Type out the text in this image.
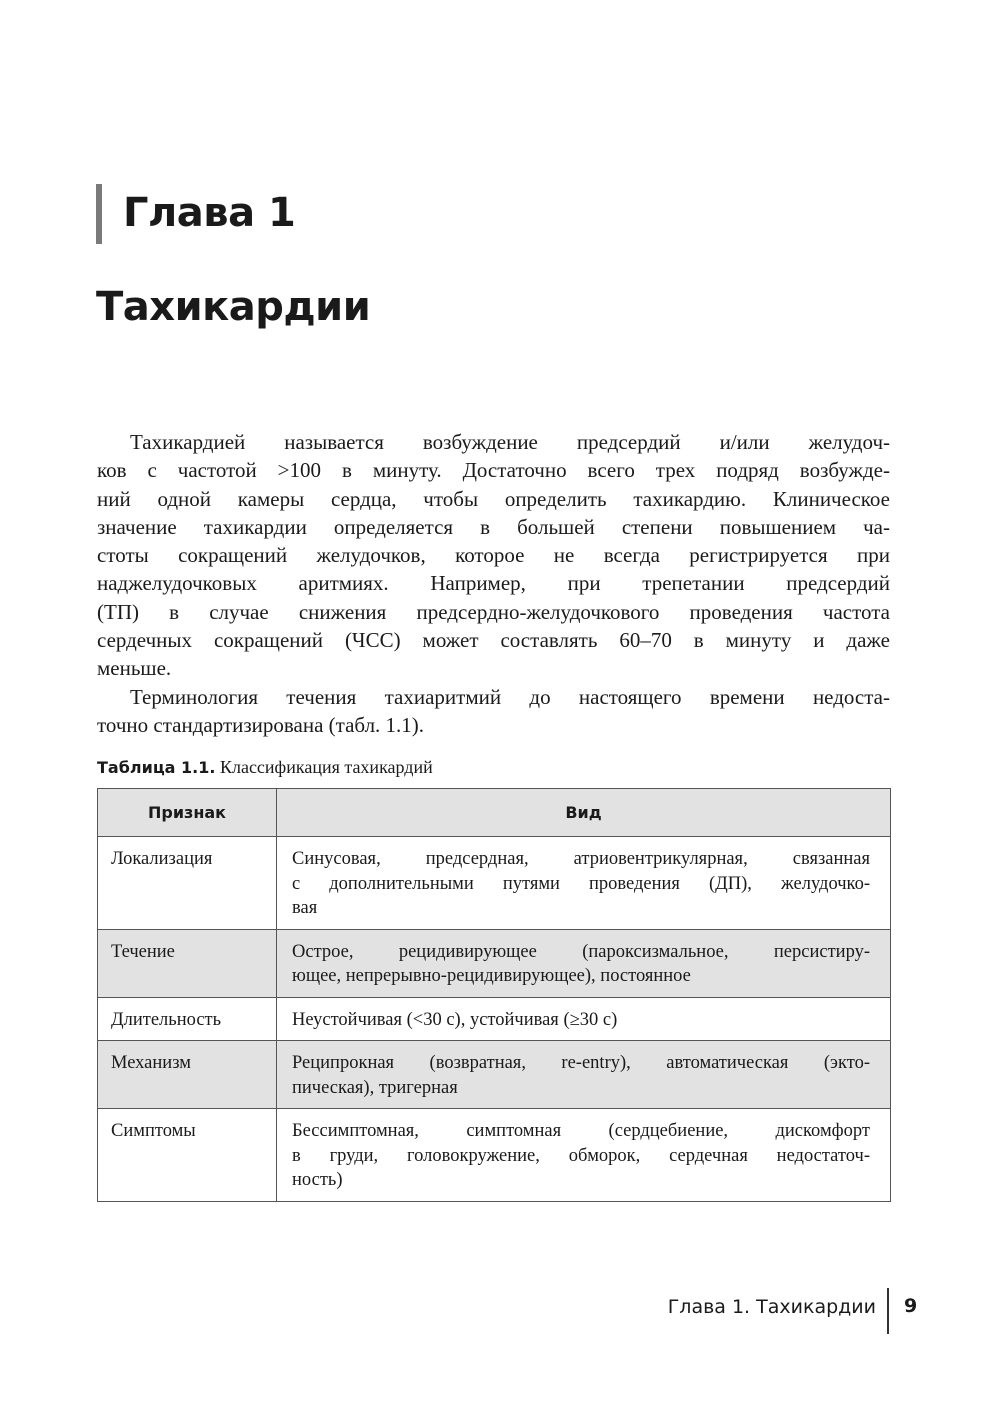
Глава 1
Тахикардии
Тахикардией называется возбуждение предсердий и/или желудоч-
ков с частотой >100 в минуту. Достаточно всего трех подряд возбужде-
ний одной камеры сердца, чтобы определить тахикардию. Клиническое
значение тахикардии определяется в большей степени повышением ча-
стоты сокращений желудочков, которое не всегда регистрируется при
наджелудочковых аритмиях. Например, при трепетании предсердий
(ТП) в случае снижения предсердно-желудочкового проведения частота
сердечных сокращений (ЧСС) может составлять 60–70 в минуту и даже
меньше.
Терминология течения тахиаритмий до настоящего времени недоста-
точно стандартизирована (табл. 1.1).
Таблица 1.1. Классификация тахикардий
Признак	Вид
Локализация	Синусовая, предсердная, атриовентрикулярная, связанная
с дополнительными путями проведения (ДП), желудочко-
вая

Течение	Острое, рецидивирующее (пароксизмальное, персистиру-
ющее, непрерывно-рецидивирующее), постоянное

Длительность	Неустойчивая (<30 с), устойчивая (≥30 с)

Механизм	Реципрокная (возвратная, re-entry), автоматическая (экто-
пическая), тригерная

Симптомы	Бессимптомная, симптомная (сердцебиение, дискомфорт
в груди, головокружение, обморок, сердечная недостаточ-
ность)
Глава 1. Тахикардии 9
